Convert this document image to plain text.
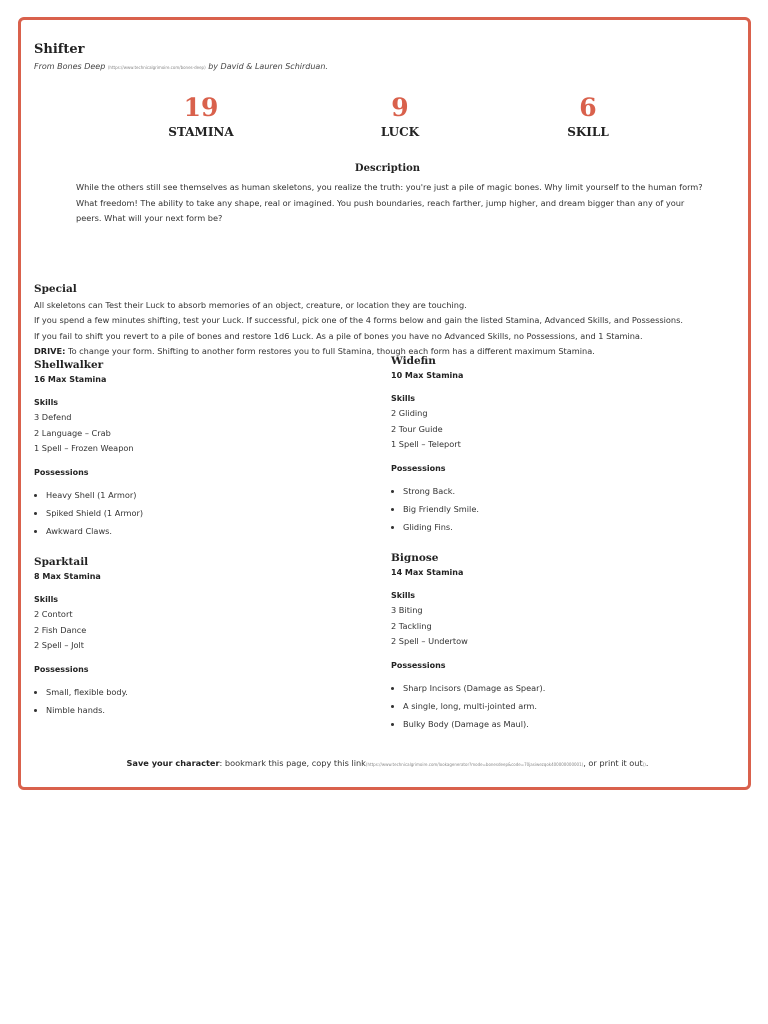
Shifter
From Bones Deep (https://www.technicalgrimoire.com/bones-deep) by David & Lauren Schirduan.
19
STAMINA
9
LUCK
6
SKILL
Description

While the others still see themselves as human skeletons, you realize the truth: you're just a pile of magic bones. Why limit yourself to the human form?

What freedom! The ability to take any shape, real or imagined. You push boundaries, reach farther, jump higher, and dream bigger than any of your peers. What will your next form be?

Special

All skeletons can Test their Luck to absorb memories of an object, creature, or location they are touching.

If you spend a few minutes shifting, test your Luck. If successful, pick one of the 4 forms below and gain the listed Stamina, Advanced Skills, and Possessions.

If you fail to shift you revert to a pile of bones and restore 1d6 Luck. As a pile of bones you have no Advanced Skills, no Possessions, and 1 Stamina.

DRIVE: To change your form. Shifting to another form restores you to full Stamina, though each form has a different maximum Stamina.

Shellwalker
16 Max Stamina
Skills
3 Defend
2 Language – Crab
1 Spell – Frozen Weapon
Possessions
• Heavy Shell (1 Armor)
• Spiked Shield (1 Armor)
• Awkward Claws.
Widefin
10 Max Stamina
Skills
2 Gliding
2 Tour Guide
1 Spell – Teleport
Possessions
• Strong Back.
• Big Friendly Smile.
• Gliding Fins.
Sparktail
8 Max Stamina
Skills
2 Contort
2 Fish Dance
2 Spell – Jolt
Possessions
• Small, flexible body.
• Nimble hands.
Bignose
14 Max Stamina
Skills
3 Biting
2 Tackling
2 Spell – Undertow
Possessions
• Sharp Incisors (Damage as Spear).
• A single, long, multi-jointed arm.
• Bulky Body (Damage as Maul).
Save your character: bookmark this page, copy this link(https://www.technicalgrimoire.com/lookagenerator?mode=bonesdeep&code=70jasiwezqok400000000001), or print it out().
